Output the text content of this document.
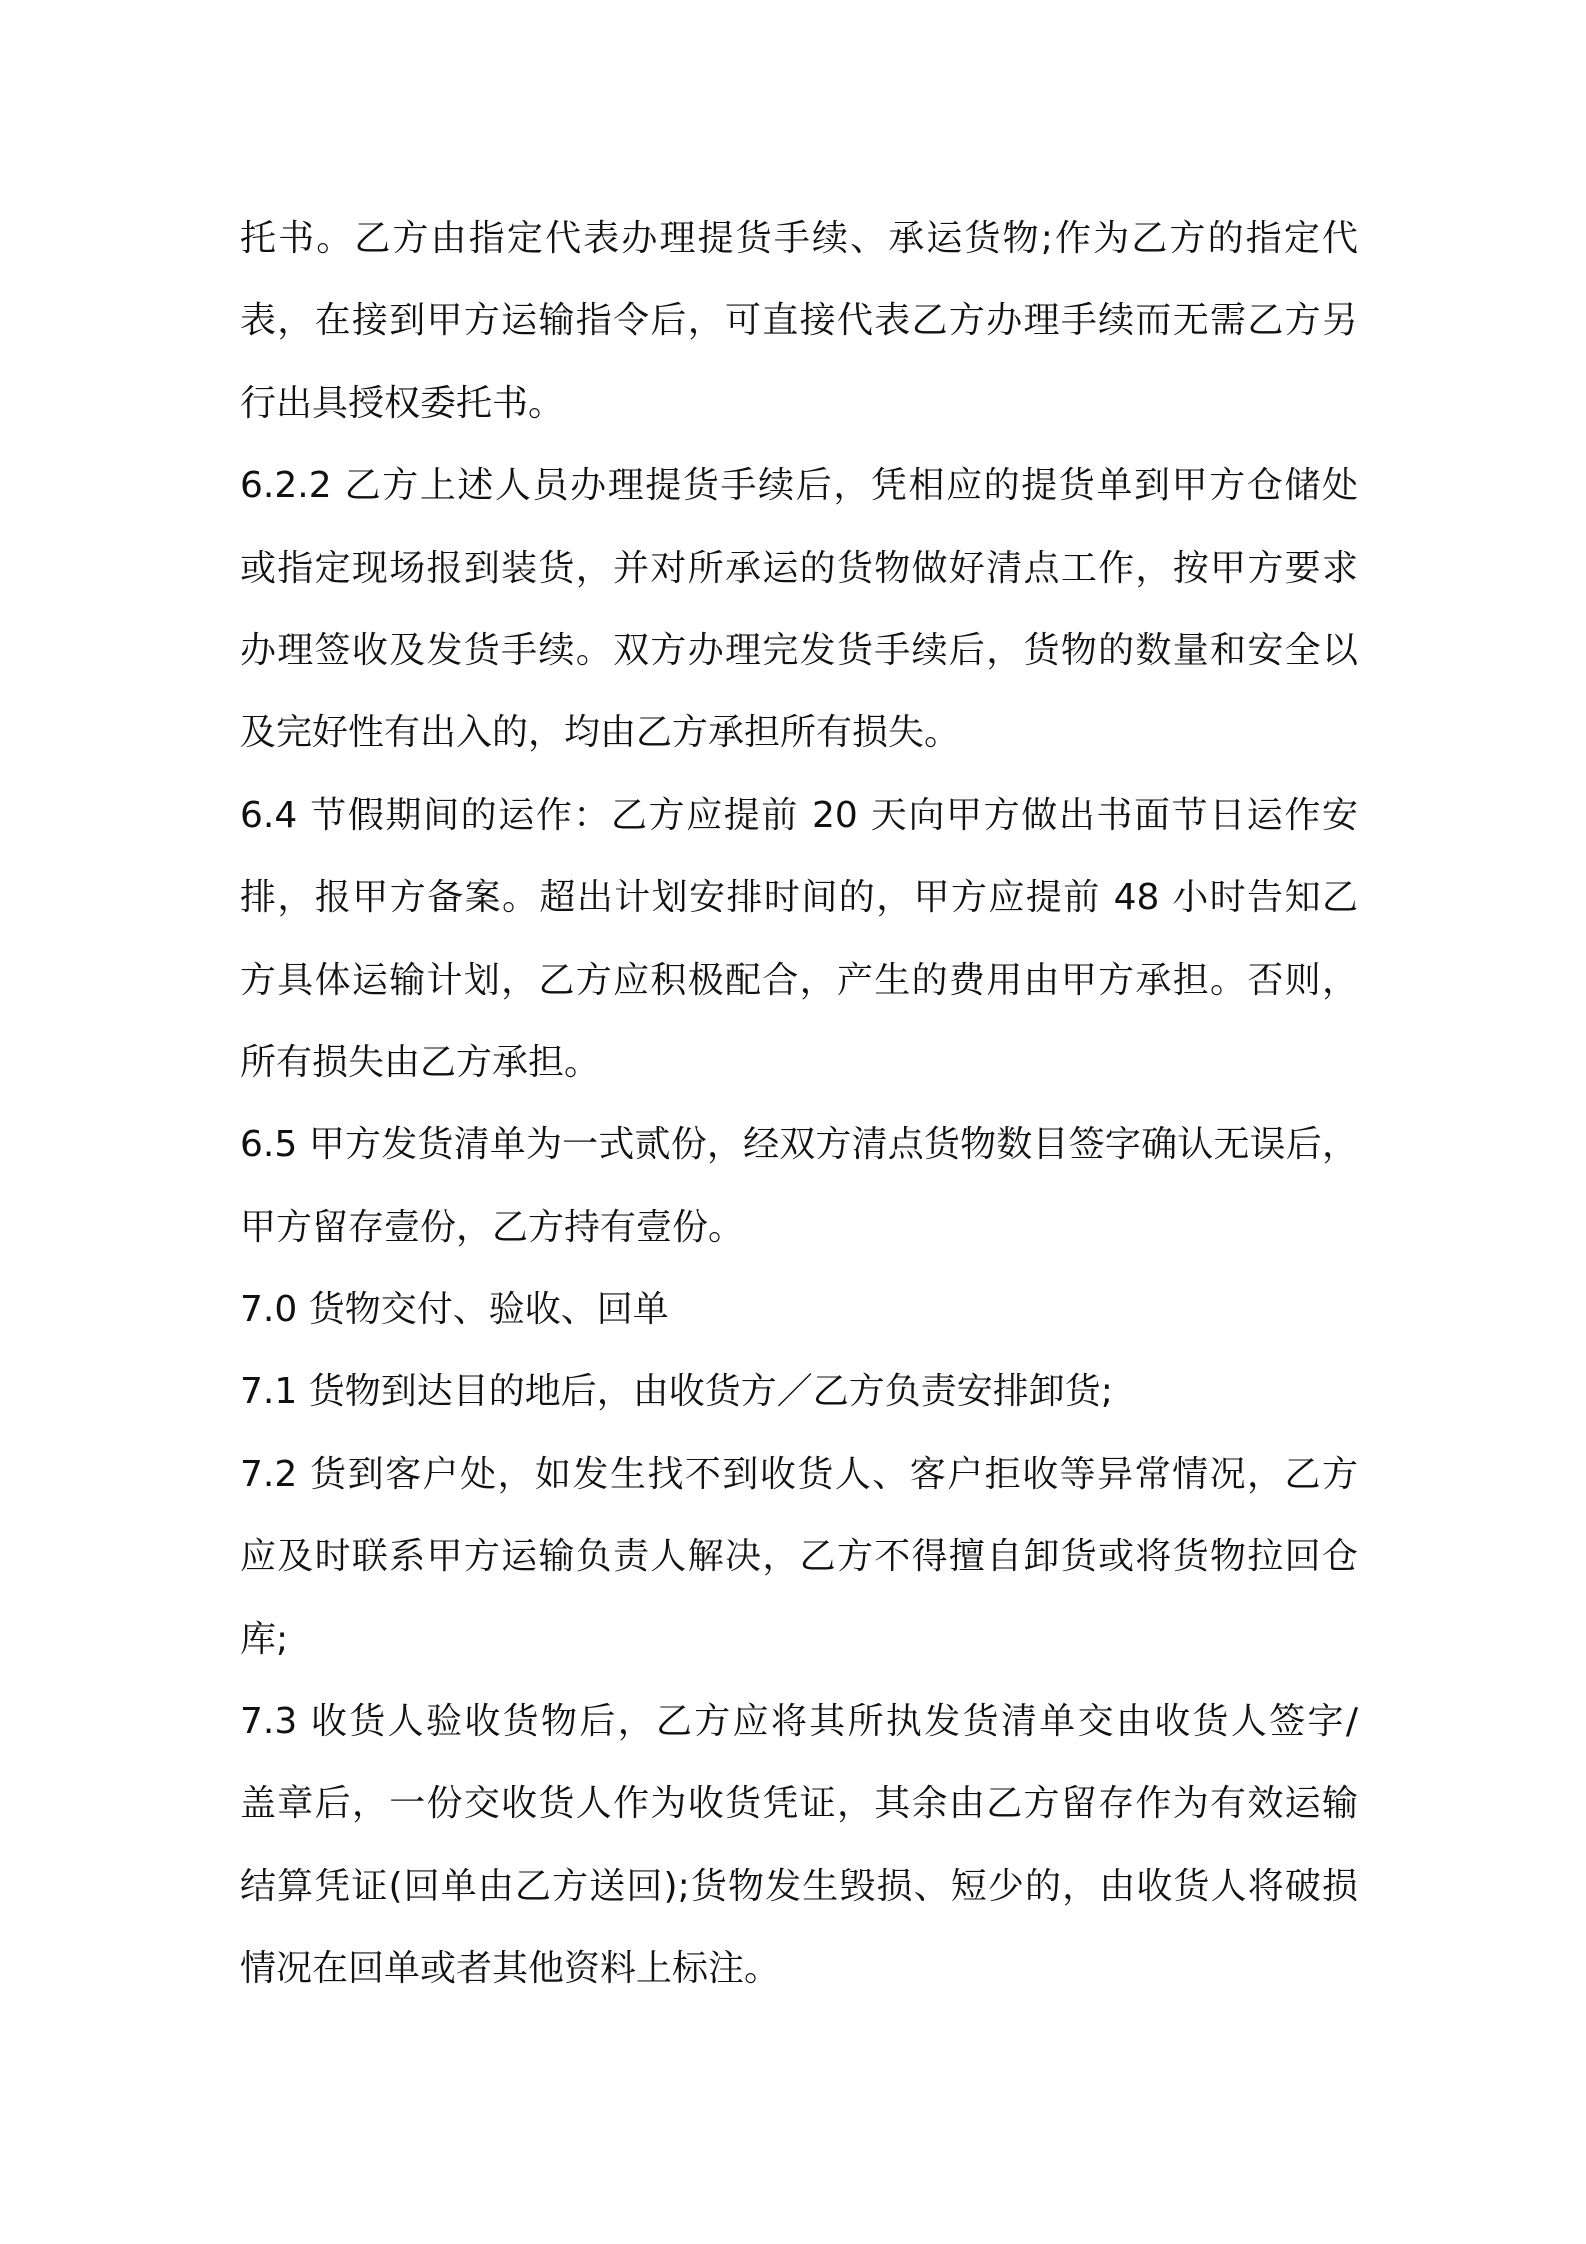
托书。乙方由指定代表办理提货手续、承运货物;作为乙方的指定代
表，在接到甲方运输指令后，可直接代表乙方办理手续而无需乙方另
行出具授权委托书。
6.2.2 乙方上述人员办理提货手续后，凭相应的提货单到甲方仓储处
或指定现场报到装货，并对所承运的货物做好清点工作，按甲方要求
办理签收及发货手续。双方办理完发货手续后，货物的数量和安全以
及完好性有出入的，均由乙方承担所有损失。
6.4 节假期间的运作：乙方应提前 20 天向甲方做出书面节日运作安
排，报甲方备案。超出计划安排时间的，甲方应提前 48 小时告知乙
方具体运输计划，乙方应积极配合，产生的费用由甲方承担。否则，
所有损失由乙方承担。
6.5 甲方发货清单为一式贰份，经双方清点货物数目签字确认无误后，
甲方留存壹份，乙方持有壹份。
7.0 货物交付、验收、回单
7.1 货物到达目的地后，由收货方／乙方负责安排卸货;
7.2 货到客户处，如发生找不到收货人、客户拒收等异常情况，乙方
应及时联系甲方运输负责人解决，乙方不得擅自卸货或将货物拉回仓
库;
7.3 收货人验收货物后，乙方应将其所执发货清单交由收货人签字/
盖章后，一份交收货人作为收货凭证，其余由乙方留存作为有效运输
结算凭证(回单由乙方送回);货物发生毁损、短少的，由收货人将破损
情况在回单或者其他资料上标注。
